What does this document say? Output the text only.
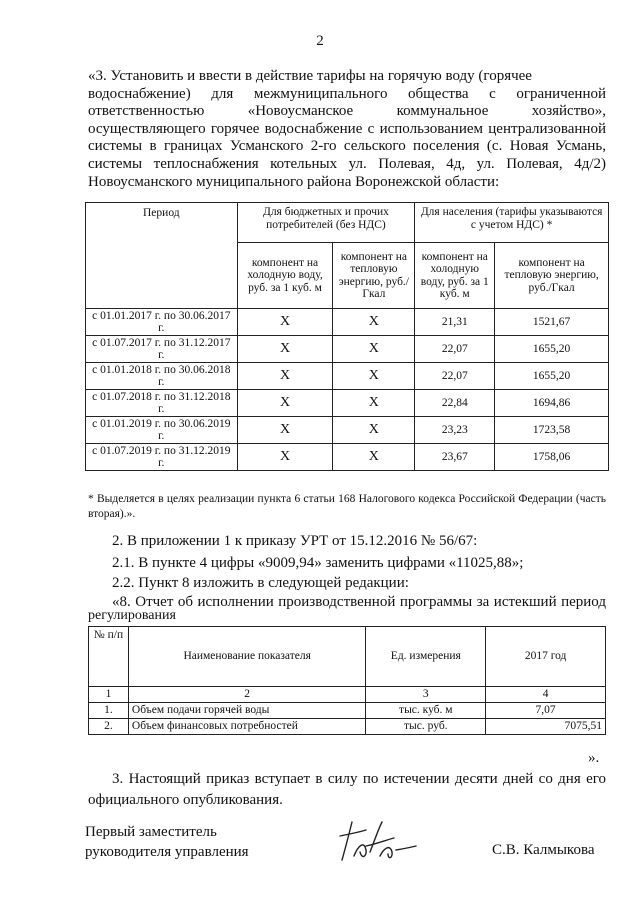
2
«3. Установить и ввести в действие тарифы на горячую воду (горячее
водоснабжение) для межмуниципального общества с ограниченной
ответственностью «Новоусманское коммунальное хозяйство»,
осуществляющего горячее водоснабжение с использованием централизованной
системы в границах Усманского 2-го сельского поселения (с. Новая Усмань,
системы теплоснабжения котельных ул. Полевая, 4д, ул. Полевая, 4д/2)
Новоусманского муниципального района Воронежской области:
Период	Для бюджетных и прочих потребителей (без НДС)		Для населения (тарифы указываются с учетом НДС) *	
	компонент на холодную воду, руб. за 1 куб. м	компонент на тепловую энергию, руб./Гкал	компонент на холодную воду, руб. за 1 куб. м	компонент на тепловую энергию, руб./Гкал
с 01.01.2017 г. по 30.06.2017 г.	Х	Х	21,31	1521,67
с 01.07.2017 г. по 31.12.2017 г.	Х	Х	22,07	1655,20
с 01.01.2018 г. по 30.06.2018 г.	Х	Х	22,07	1655,20
с 01.07.2018 г. по 31.12.2018 г.	Х	Х	22,84	1694,86
с 01.01.2019 г. по 30.06.2019 г.	Х	Х	23,23	1723,58
с 01.07.2019 г. по 31.12.2019 г.	Х	Х	23,67	1758,06
* Выделяется в целях реализации пункта 6 статьи 168 Налогового кодекса Российской Федерации (часть вторая).».
2. В приложении 1 к приказу УРТ от 15.12.2016 № 56/67:
2.1. В пункте 4 цифры «9009,94» заменить цифрами «11025,88»;
2.2. Пункт 8 изложить в следующей редакции:
«8. Отчет об исполнении производственной программы за истекший период
регулирования
№ п/п	Наименование показателя	Ед. измерения	2017 год
1	2	3	4
1.	Объем подачи горячей воды	тыс. куб. м	7,07
2.	Объем финансовых потребностей	тыс. руб.	7075,51
».
3. Настоящий приказ вступает в силу по истечении десяти дней со дня его
официального опубликования.
Первый заместитель
руководителя управления	С.В. Калмыкова
